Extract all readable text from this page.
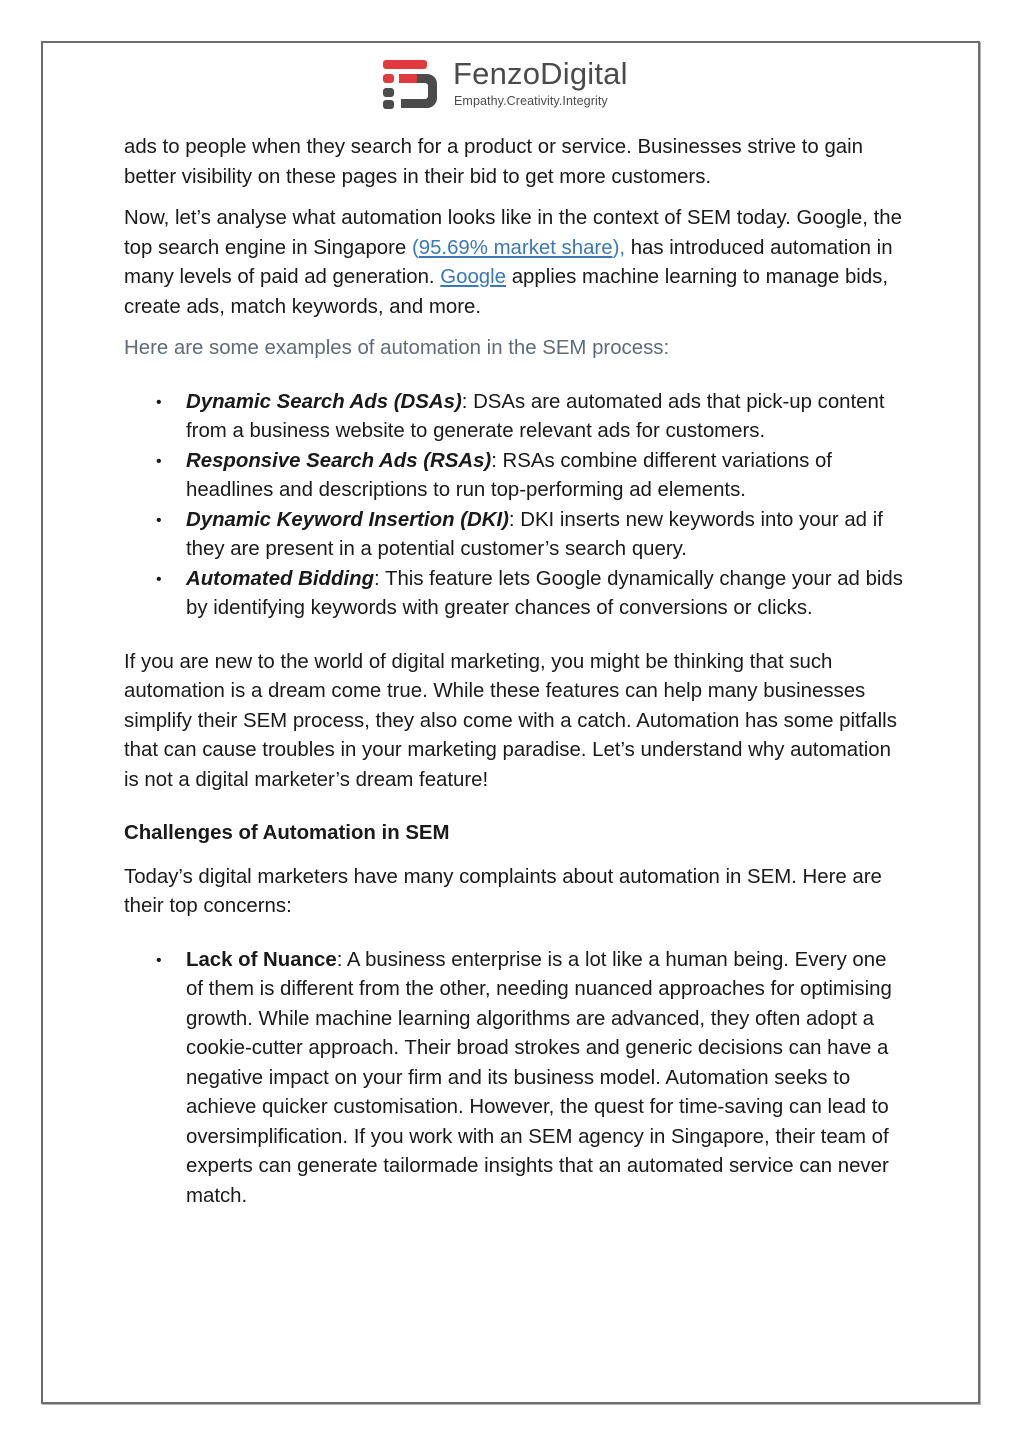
FenzoDigital
Empathy.Creativity.Integrity

ads to people when they search for a product or service. Businesses strive to gain better visibility on these pages in their bid to get more customers.

Now, let’s analyse what automation looks like in the context of SEM today. Google, the top search engine in Singapore (95.69% market share), has introduced automation in many levels of paid ad generation. Google applies machine learning to manage bids, create ads, match keywords, and more.

Here are some examples of automation in the SEM process:

• Dynamic Search Ads (DSAs): DSAs are automated ads that pick-up content from a business website to generate relevant ads for customers.
• Responsive Search Ads (RSAs): RSAs combine different variations of headlines and descriptions to run top-performing ad elements.
• Dynamic Keyword Insertion (DKI): DKI inserts new keywords into your ad if they are present in a potential customer’s search query.
• Automated Bidding: This feature lets Google dynamically change your ad bids by identifying keywords with greater chances of conversions or clicks.

If you are new to the world of digital marketing, you might be thinking that such automation is a dream come true. While these features can help many businesses simplify their SEM process, they also come with a catch. Automation has some pitfalls that can cause troubles in your marketing paradise. Let’s understand why automation is not a digital marketer’s dream feature!

Challenges of Automation in SEM

Today’s digital marketers have many complaints about automation in SEM. Here are their top concerns:

• Lack of Nuance: A business enterprise is a lot like a human being. Every one of them is different from the other, needing nuanced approaches for optimising growth. While machine learning algorithms are advanced, they often adopt a cookie-cutter approach. Their broad strokes and generic decisions can have a negative impact on your firm and its business model. Automation seeks to achieve quicker customisation. However, the quest for time-saving can lead to oversimplification. If you work with an SEM agency in Singapore, their team of experts can generate tailormade insights that an automated service can never match.
